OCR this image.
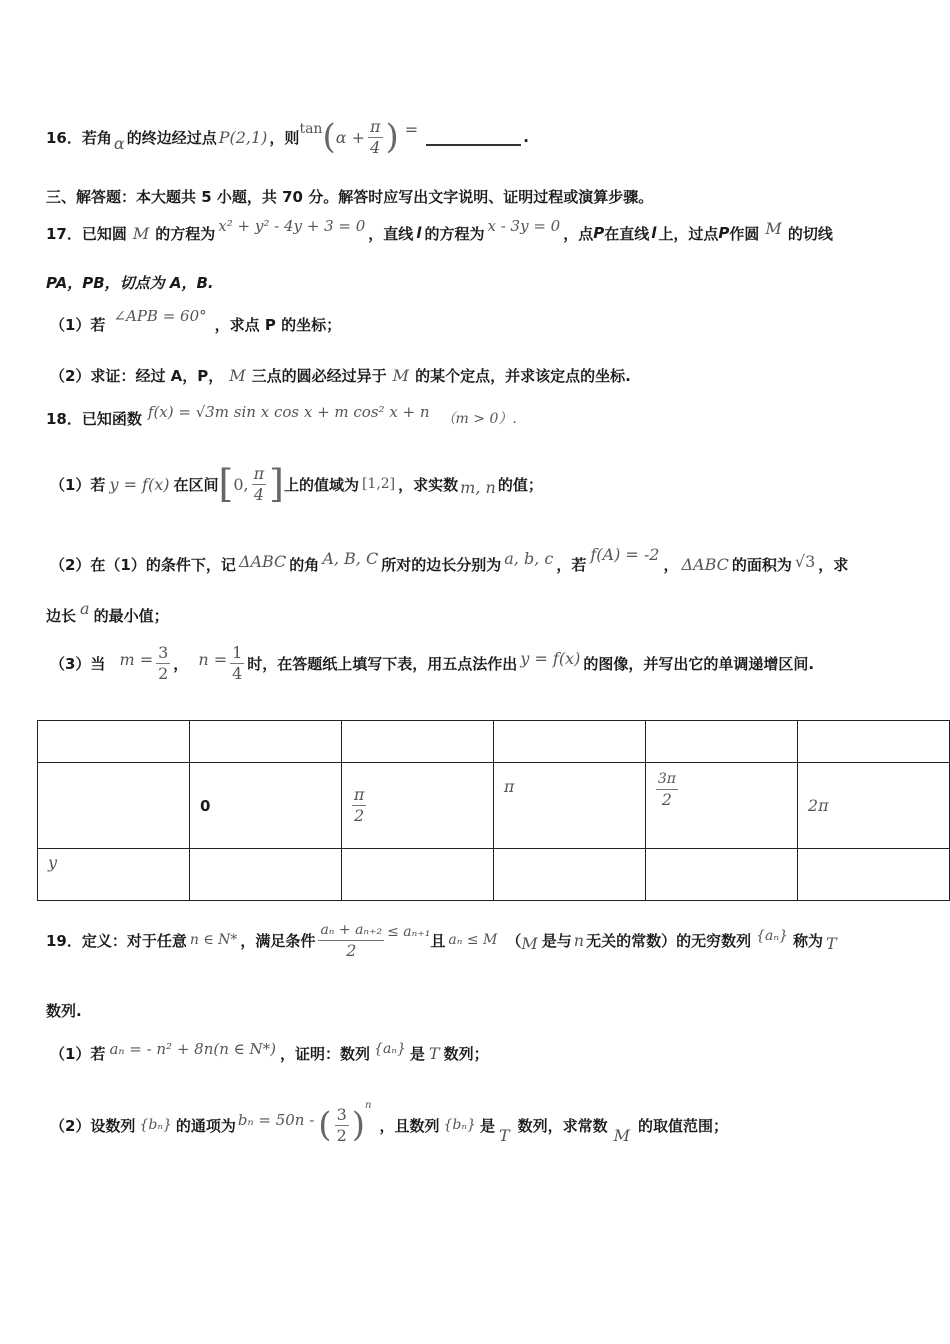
16． 若角 α 的终边经过点 P(2,1) ，则 tan ( $\alpha + \frac{\pi}{4}$ ) =	.
三、解答题：本大题共 5 小题，共 70 分。解答时应写出文字说明、证明过程或演算步骤。
17． 已知圆 M 的方程为 x² + y² - 4y + 3 = 0 ，直线 l 的方程为 x - 3y = 0 ，点 P 在直线 l 上，过点 P 作圆 M 的切线
PA，PB，切点为 A，B.
（1）若 ∠APB = 60° ，求点 P 的坐标；
（2）求证：经过 A，P， M 三点的圆必经过异于 M 的某个定点，并求该定点的坐标.
18． 已知函数 f(x) = √3m sin x cos x + m cos² x + n （m > 0）.
（1）若 y = f(x) 在区间 [ 0, $\frac{\pi}{4}$ ] 上的值域为 [1,2] ，求实数 m, n 的值；
（2）在（1）的条件下，记 ΔABC 的角 A, B, C 所对的边长分别为 a, b, c ，若
f(A) = -2
， ΔABC 的面积为 √3 ，求
边长 a 的最小值；
（3）当 $m = \frac{3}{2}$ ， $n = \frac{1}{4}$ 时，在答题纸上填写下表，用五点法作出 y = f(x) 的图像，并写出它的单调递增区间.

	0	$\frac{\pi}{2}$	π	$\frac{3\pi}{2}$	2π
y					
19． 定义：对于任意 n ∈ N* ，满足条件 $\frac{\text{aₙ + aₙ₊₂}}{2} \le a_{n+1}$ 且 aₙ ≤ M （ M 是与 n 无关的常数）的无穷数列 {aₙ} 称为 T
数列.
（1）若 aₙ = - n² + 8n(n ∈ N*) ，证明：数列 {aₙ} 是 T 数列；
（2）设数列 {bₙ} 的通项为 bₙ = 50n - ( $\frac{3}{2}$ ) n
，且数列 {bₙ} 是 T 数列，求常数 M 的取值范围；
